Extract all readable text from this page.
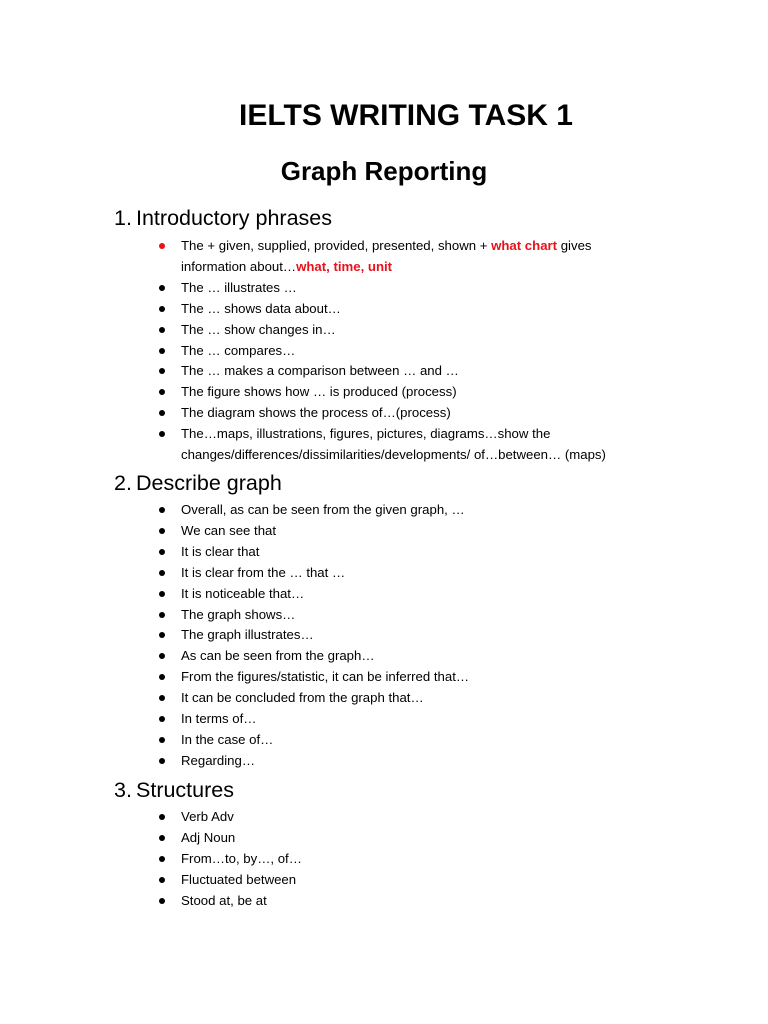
IELTS WRITING TASK 1
Graph Reporting
1. Introductory phrases
The + given, supplied, provided, presented, shown + what chart gives
information about…what, time, unit
The … illustrates …
The … shows data about…
The … show changes in…
The … compares…
The … makes a comparison between … and …
The figure shows how … is produced (process)
The diagram shows the process of…(process)
The…maps, illustrations, figures, pictures, diagrams…show the
changes/differences/dissimilarities/developments/ of…between… (maps)
2. Describe graph
Overall, as can be seen from the given graph, …
We can see that
It is clear that
It is clear from the … that …
It is noticeable that…
The graph shows…
The graph illustrates…
As can be seen from the graph…
From the figures/statistic, it can be inferred that…
It can be concluded from the graph that…
In terms of…
In the case of…
Regarding…
3. Structures
Verb Adv
Adj Noun
From…to, by…, of…
Fluctuated between
Stood at, be at
